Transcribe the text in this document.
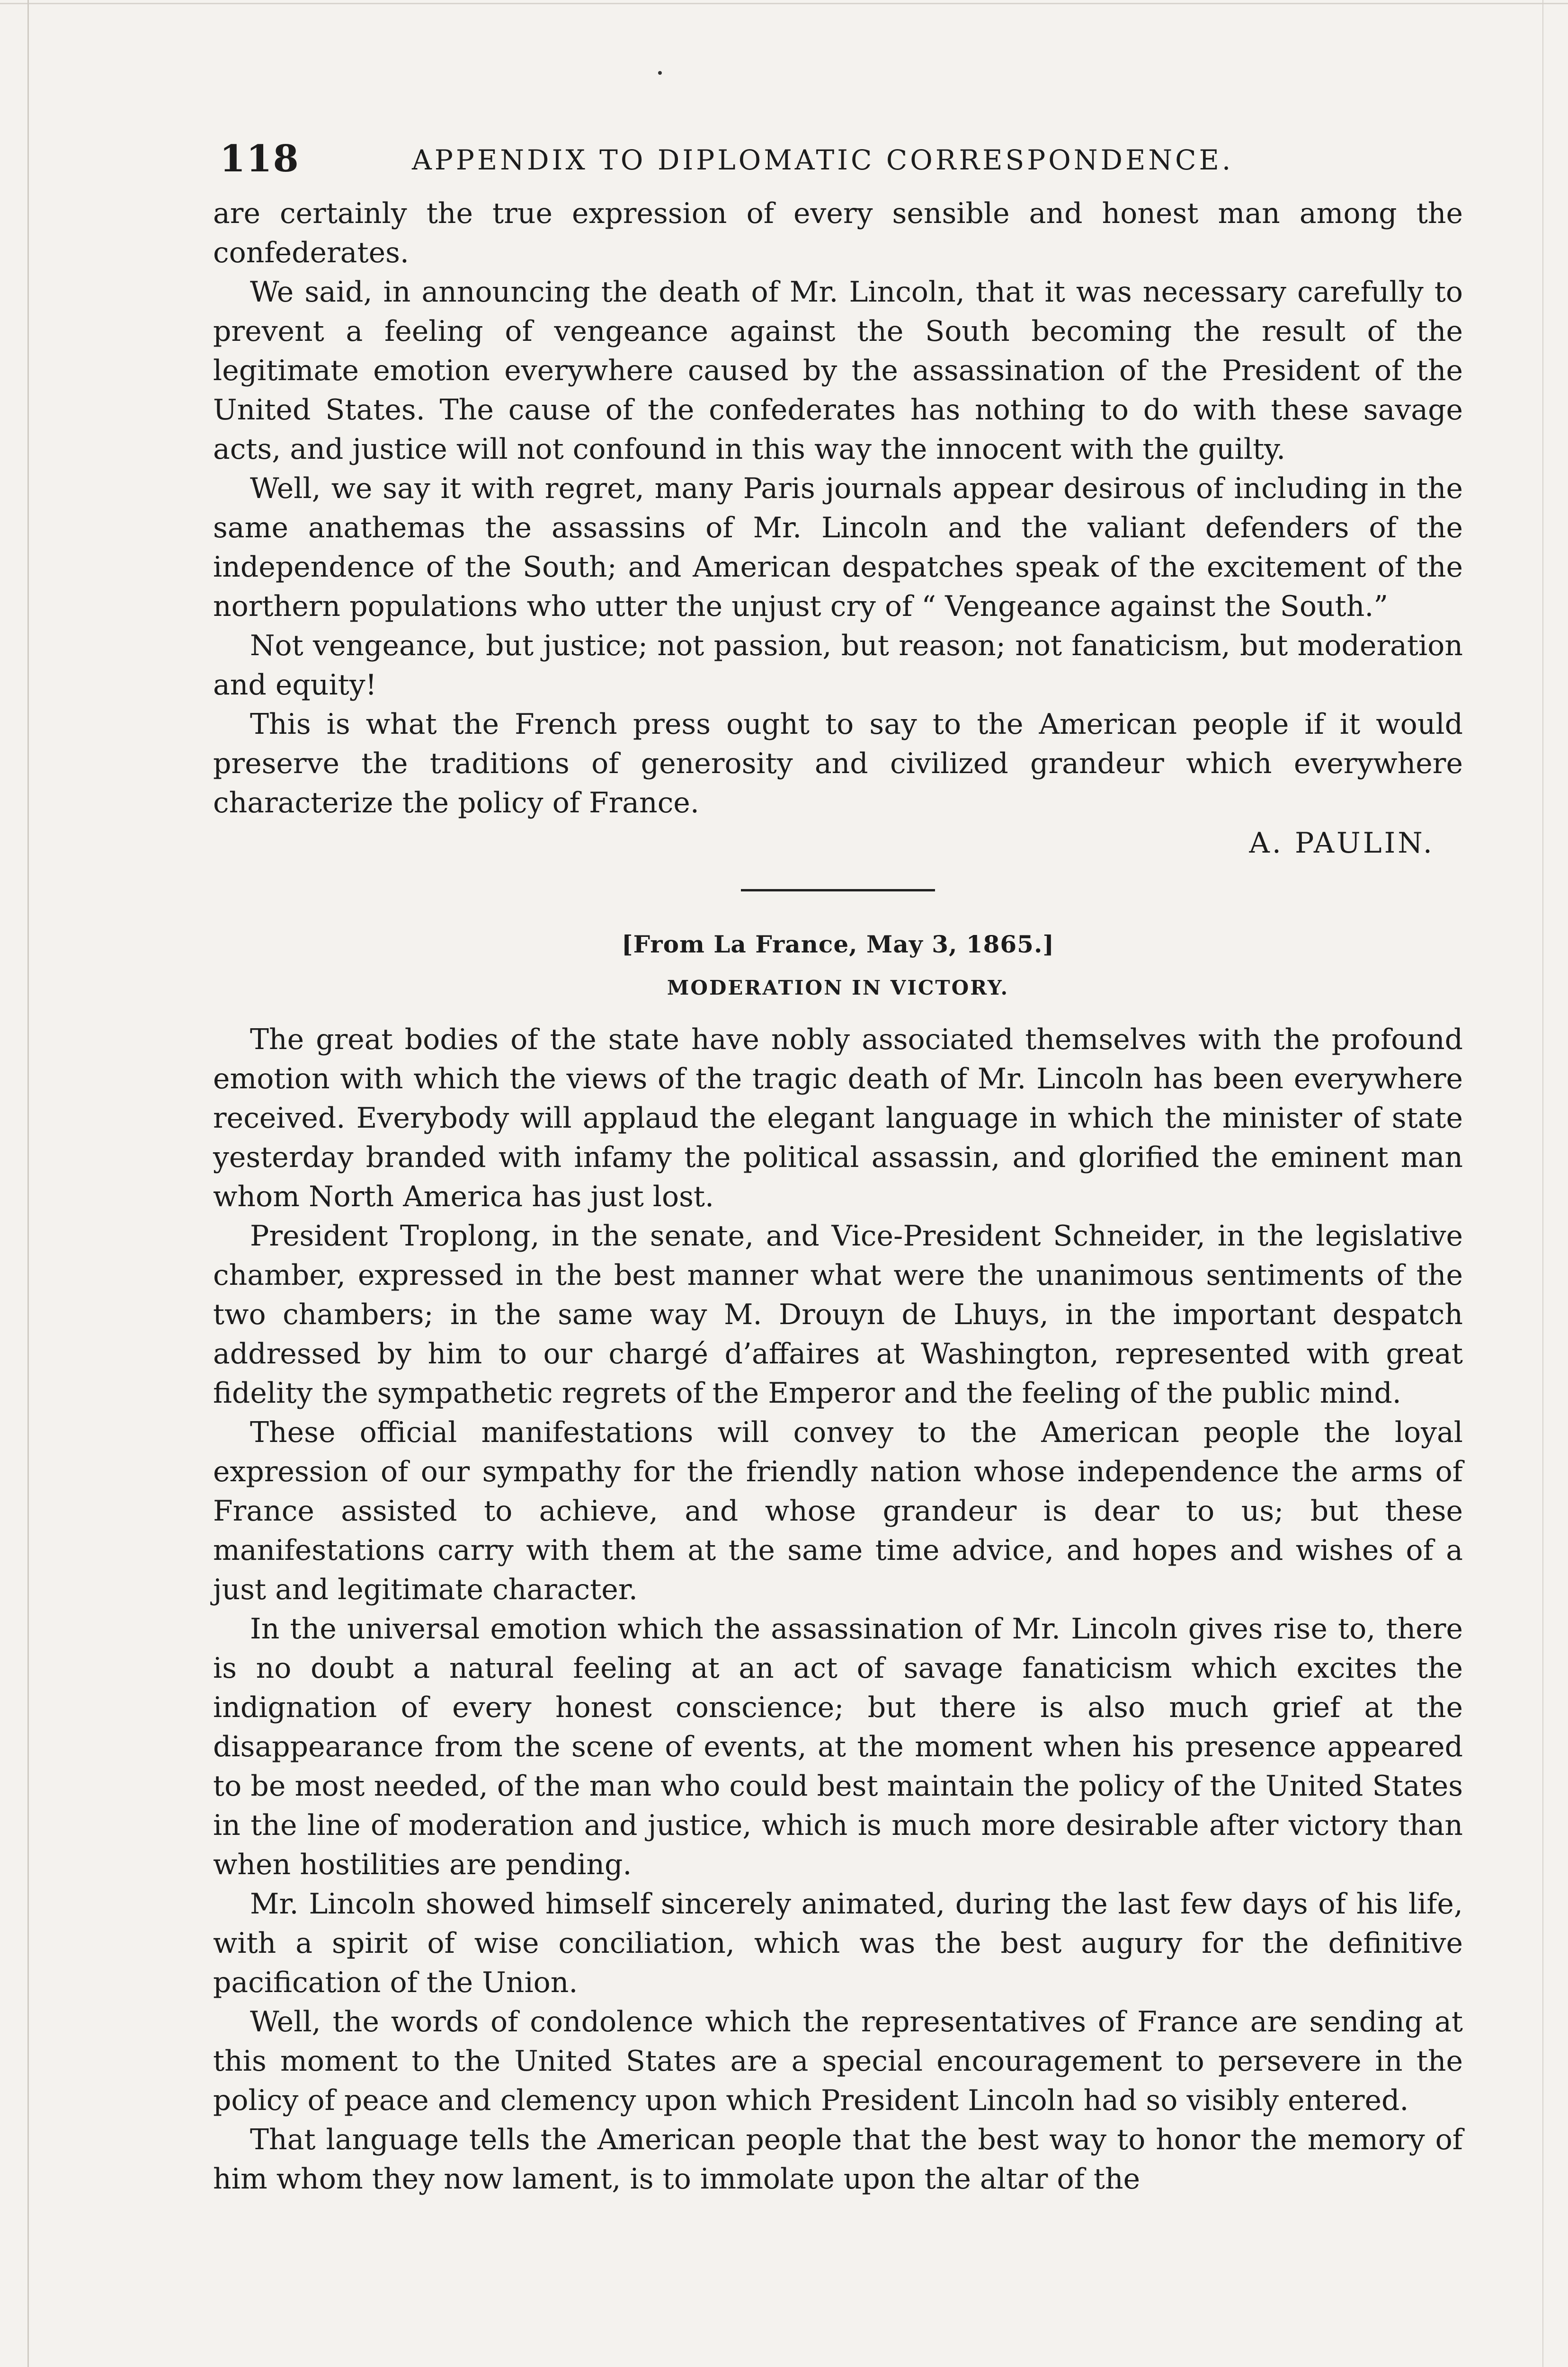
118	APPENDIX TO DIPLOMATIC CORRESPONDENCE.

are certainly the true expression of every sensible and honest man among the confederates.

We said, in announcing the death of Mr. Lincoln, that it was necessary carefully to prevent a feeling of vengeance against the South becoming the result of the legitimate emotion everywhere caused by the assassination of the President of the United States. The cause of the confederates has nothing to do with these savage acts, and justice will not confound in this way the innocent with the guilty.

Well, we say it with regret, many Paris journals appear desirous of including in the same anathemas the assassins of Mr. Lincoln and the valiant defenders of the independence of the South; and American despatches speak of the excitement of the northern populations who utter the unjust cry of “ Vengeance against the South.”

Not vengeance, but justice; not passion, but reason; not fanaticism, but moderation and equity!

This is what the French press ought to say to the American people if it would preserve the traditions of generosity and civilized grandeur which everywhere characterize the policy of France.

A. PAULIN.
[From La France, May 3, 1865.]
MODERATION IN VICTORY.

The great bodies of the state have nobly associated themselves with the profound emotion with which the views of the tragic death of Mr. Lincoln has been everywhere received. Everybody will applaud the elegant language in which the minister of state yesterday branded with infamy the political assassin, and glorified the eminent man whom North America has just lost.

President Troplong, in the senate, and Vice-President Schneider, in the legislative chamber, expressed in the best manner what were the unanimous sentiments of the two chambers; in the same way M. Drouyn de Lhuys, in the important despatch addressed by him to our chargé d’affaires at Washington, represented with great fidelity the sympathetic regrets of the Emperor and the feeling of the public mind.

These official manifestations will convey to the American people the loyal expression of our sympathy for the friendly nation whose independence the arms of France assisted to achieve, and whose grandeur is dear to us; but these manifestations carry with them at the same time advice, and hopes and wishes of a just and legitimate character.

In the universal emotion which the assassination of Mr. Lincoln gives rise to, there is no doubt a natural feeling at an act of savage fanaticism which excites the indignation of every honest conscience; but there is also much grief at the disappearance from the scene of events, at the moment when his presence appeared to be most needed, of the man who could best maintain the policy of the United States in the line of moderation and justice, which is much more desirable after victory than when hostilities are pending.

Mr. Lincoln showed himself sincerely animated, during the last few days of his life, with a spirit of wise conciliation, which was the best augury for the definitive pacification of the Union.

Well, the words of condolence which the representatives of France are sending at this moment to the United States are a special encouragement to persevere in the policy of peace and clemency upon which President Lincoln had so visibly entered.

That language tells the American people that the best way to honor the memory of him whom they now lament, is to immolate upon the altar of the
